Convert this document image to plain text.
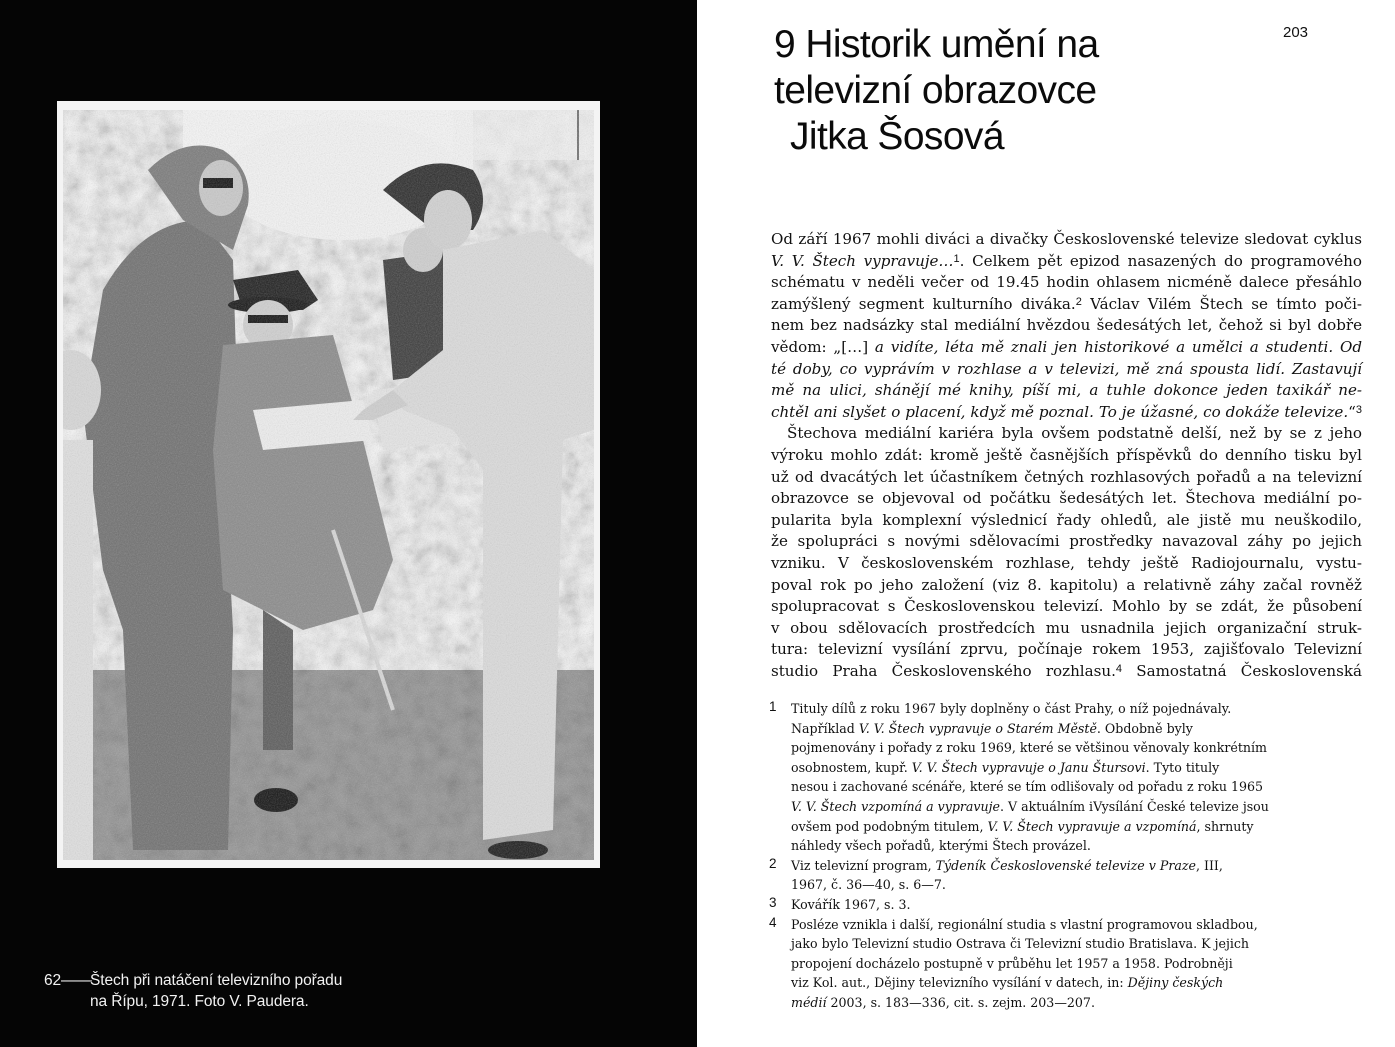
62——Štech při natáčení televizního pořadu
na Řípu, 1971. Foto V. Paudera.
203
9 Historik umění na
televizní obrazovce
Jitka Šosová
Od září 1967 mohli diváci a divačky Československé televize sledovat cyklus
V. V. Štech vypravuje…$^1$. Celkem pět epizod nasazených do programového
schématu v neděli večer od 19.45 hodin ohlasem nicméně dalece přesáhlo
zamýšlený segment kulturního diváka.$^2$ Václav Vilém Štech se tímto poči-
nem bez nadsázky stal mediální hvězdou šedesátých let, čehož si byl dobře
vědom: „[…] a vidíte, léta mě znali jen historikové a umělci a studenti. Od
té doby, co vyprávím v rozhlase a v televizi, mě zná spousta lidí. Zastavují
mě na ulici, shánějí mé knihy, píší mi, a tuhle dokonce jeden taxikář ne-
chtěl ani slyšet o placení, když mě poznal. To je úžasné, co dokáže televize.“$^3$
Štechova mediální kariéra byla ovšem podstatně delší, než by se z jeho
výroku mohlo zdát: kromě ještě časnějších příspěvků do denního tisku byl
už od dvacátých let účastníkem četných rozhlasových pořadů a na televizní
obrazovce se objevoval od počátku šedesátých let. Štechova mediální po-
pularita byla komplexní výslednicí řady ohledů, ale jistě mu neuškodilo,
že spolupráci s novými sdělovacími prostředky navazoval záhy po jejich
vzniku. V československém rozhlase, tehdy ještě Radiojournalu, vystu-
poval rok po jeho založení (viz 8. kapitolu) a relativně záhy začal rovněž
spolupracovat s Československou televizí. Mohlo by se zdát, že působení
v obou sdělovacích prostředcích mu usnadnila jejich organizační struk-
tura: televizní vysílání zprvu, počínaje rokem 1953, zajišťovalo Televizní
studio Praha Československého rozhlasu.$^4$ Samostatná Československá
1 Tituly dílů z roku 1967 byly doplněny o část Prahy, o níž pojednávaly.
Například V. V. Štech vypravuje o Starém Městě. Obdobně byly
pojmenovány i pořady z roku 1969, které se většinou věnovaly konkrétním
osobnostem, kupř. V. V. Štech vypravuje o Janu Štursovi. Tyto tituly
nesou i zachované scénáře, které se tím odlišovaly od pořadu z roku 1965
V. V. Štech vzpomíná a vypravuje. V aktuálním iVysílání České televize jsou
ovšem pod podobným titulem, V. V. Štech vypravuje a vzpomíná, shrnuty
náhledy všech pořadů, kterými Štech provázel.
2 Viz televizní program, Týdeník Československé televize v Praze, III,
1967, č. 36—40, s. 6—7.
3 Kovářík 1967, s. 3.
4 Posléze vznikla i další, regionální studia s vlastní programovou skladbou,
jako bylo Televizní studio Ostrava či Televizní studio Bratislava. K jejich
propojení docházelo postupně v průběhu let 1957 a 1958. Podrobněji
viz Kol. aut., Dějiny televizního vysílání v datech, in: Dějiny českých
médií 2003, s. 183—336, cit. s. zejm. 203—207.
